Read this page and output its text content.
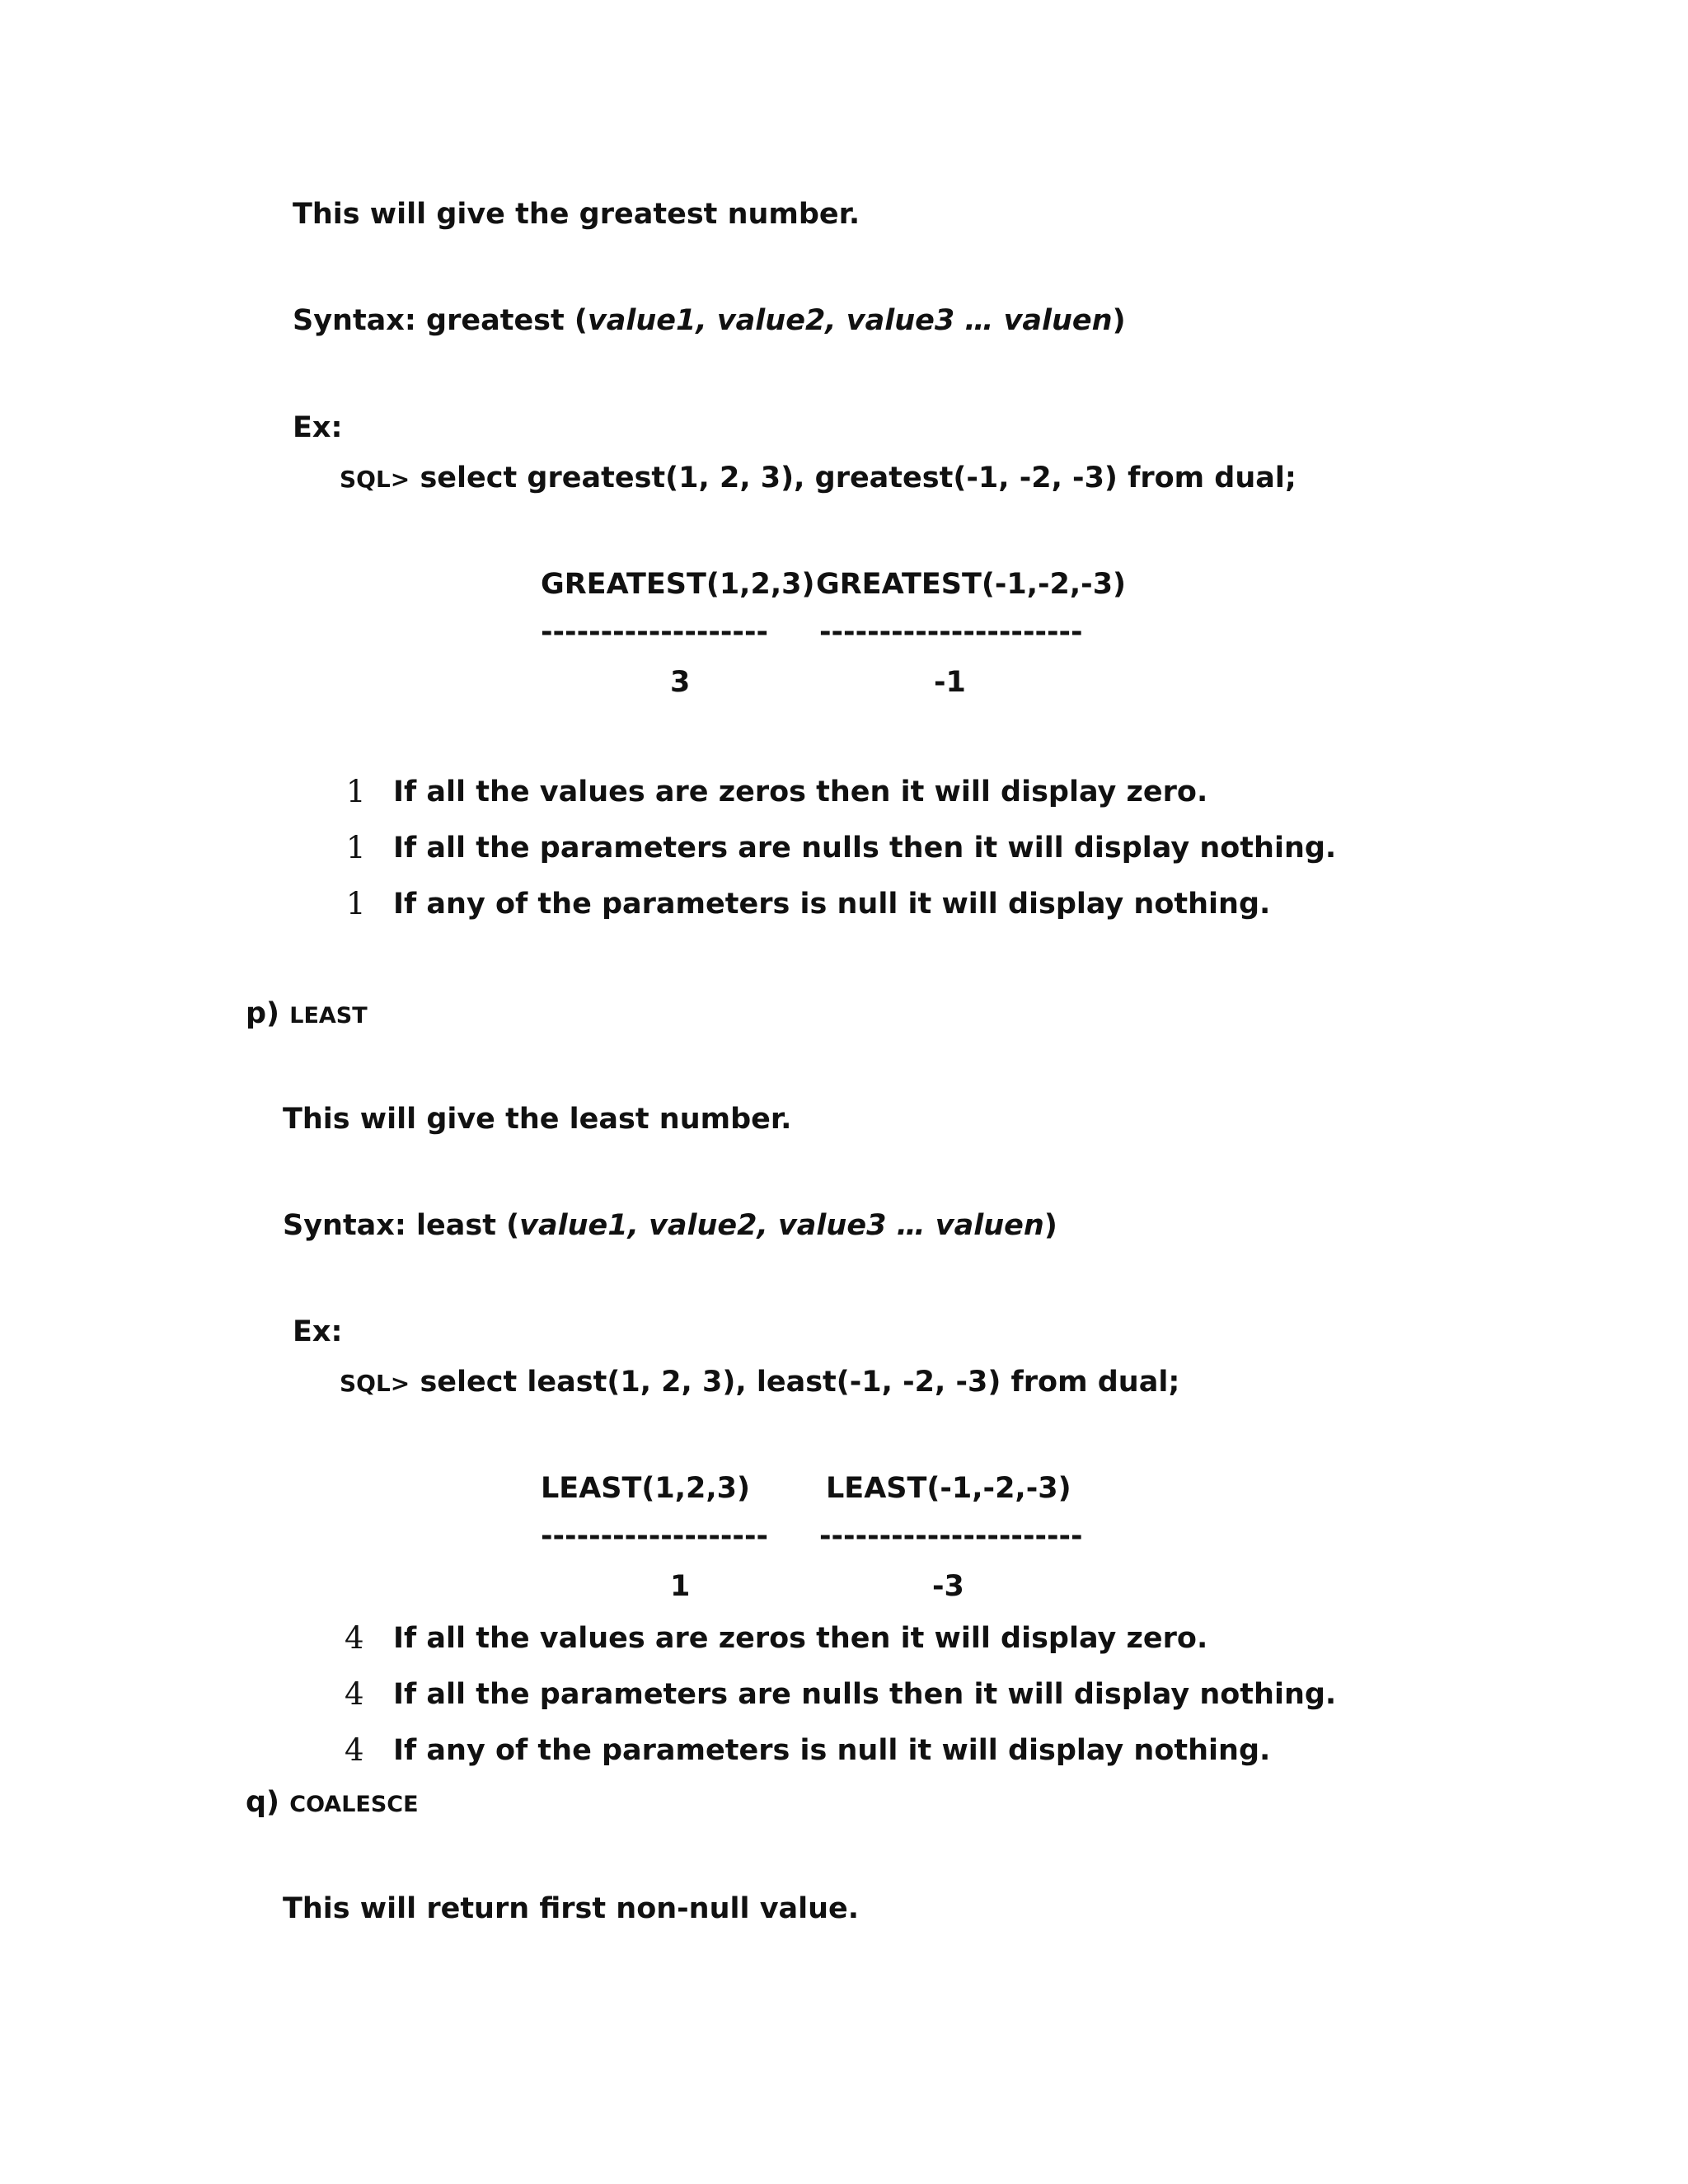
This will give the greatest number.
Syntax: greatest (value1, value2, value3 … valuen)
Ex:
SQL> select greatest(1, 2, 3), greatest(-1, -2, -3) from dual;
GREATEST(1,2,3) GREATEST(-1,-2,-3)
------------------- ----------------------
3	-1
1 If all the values are zeros then it will display zero.
1 If all the parameters are nulls then it will display nothing.
1 If any of the parameters is null it will display nothing.
p) LEAST
This will give the least number.
Syntax: least (value1, value2, value3 … valuen)
Ex:
SQL> select least(1, 2, 3), least(-1, -2, -3) from dual;
LEAST(1,2,3)	LEAST(-1,-2,-3)
------------------- ----------------------
1	-3
4 If all the values are zeros then it will display zero.
4 If all the parameters are nulls then it will display nothing.
4 If any of the parameters is null it will display nothing.
q) COALESCE
This will return first non-null value.
